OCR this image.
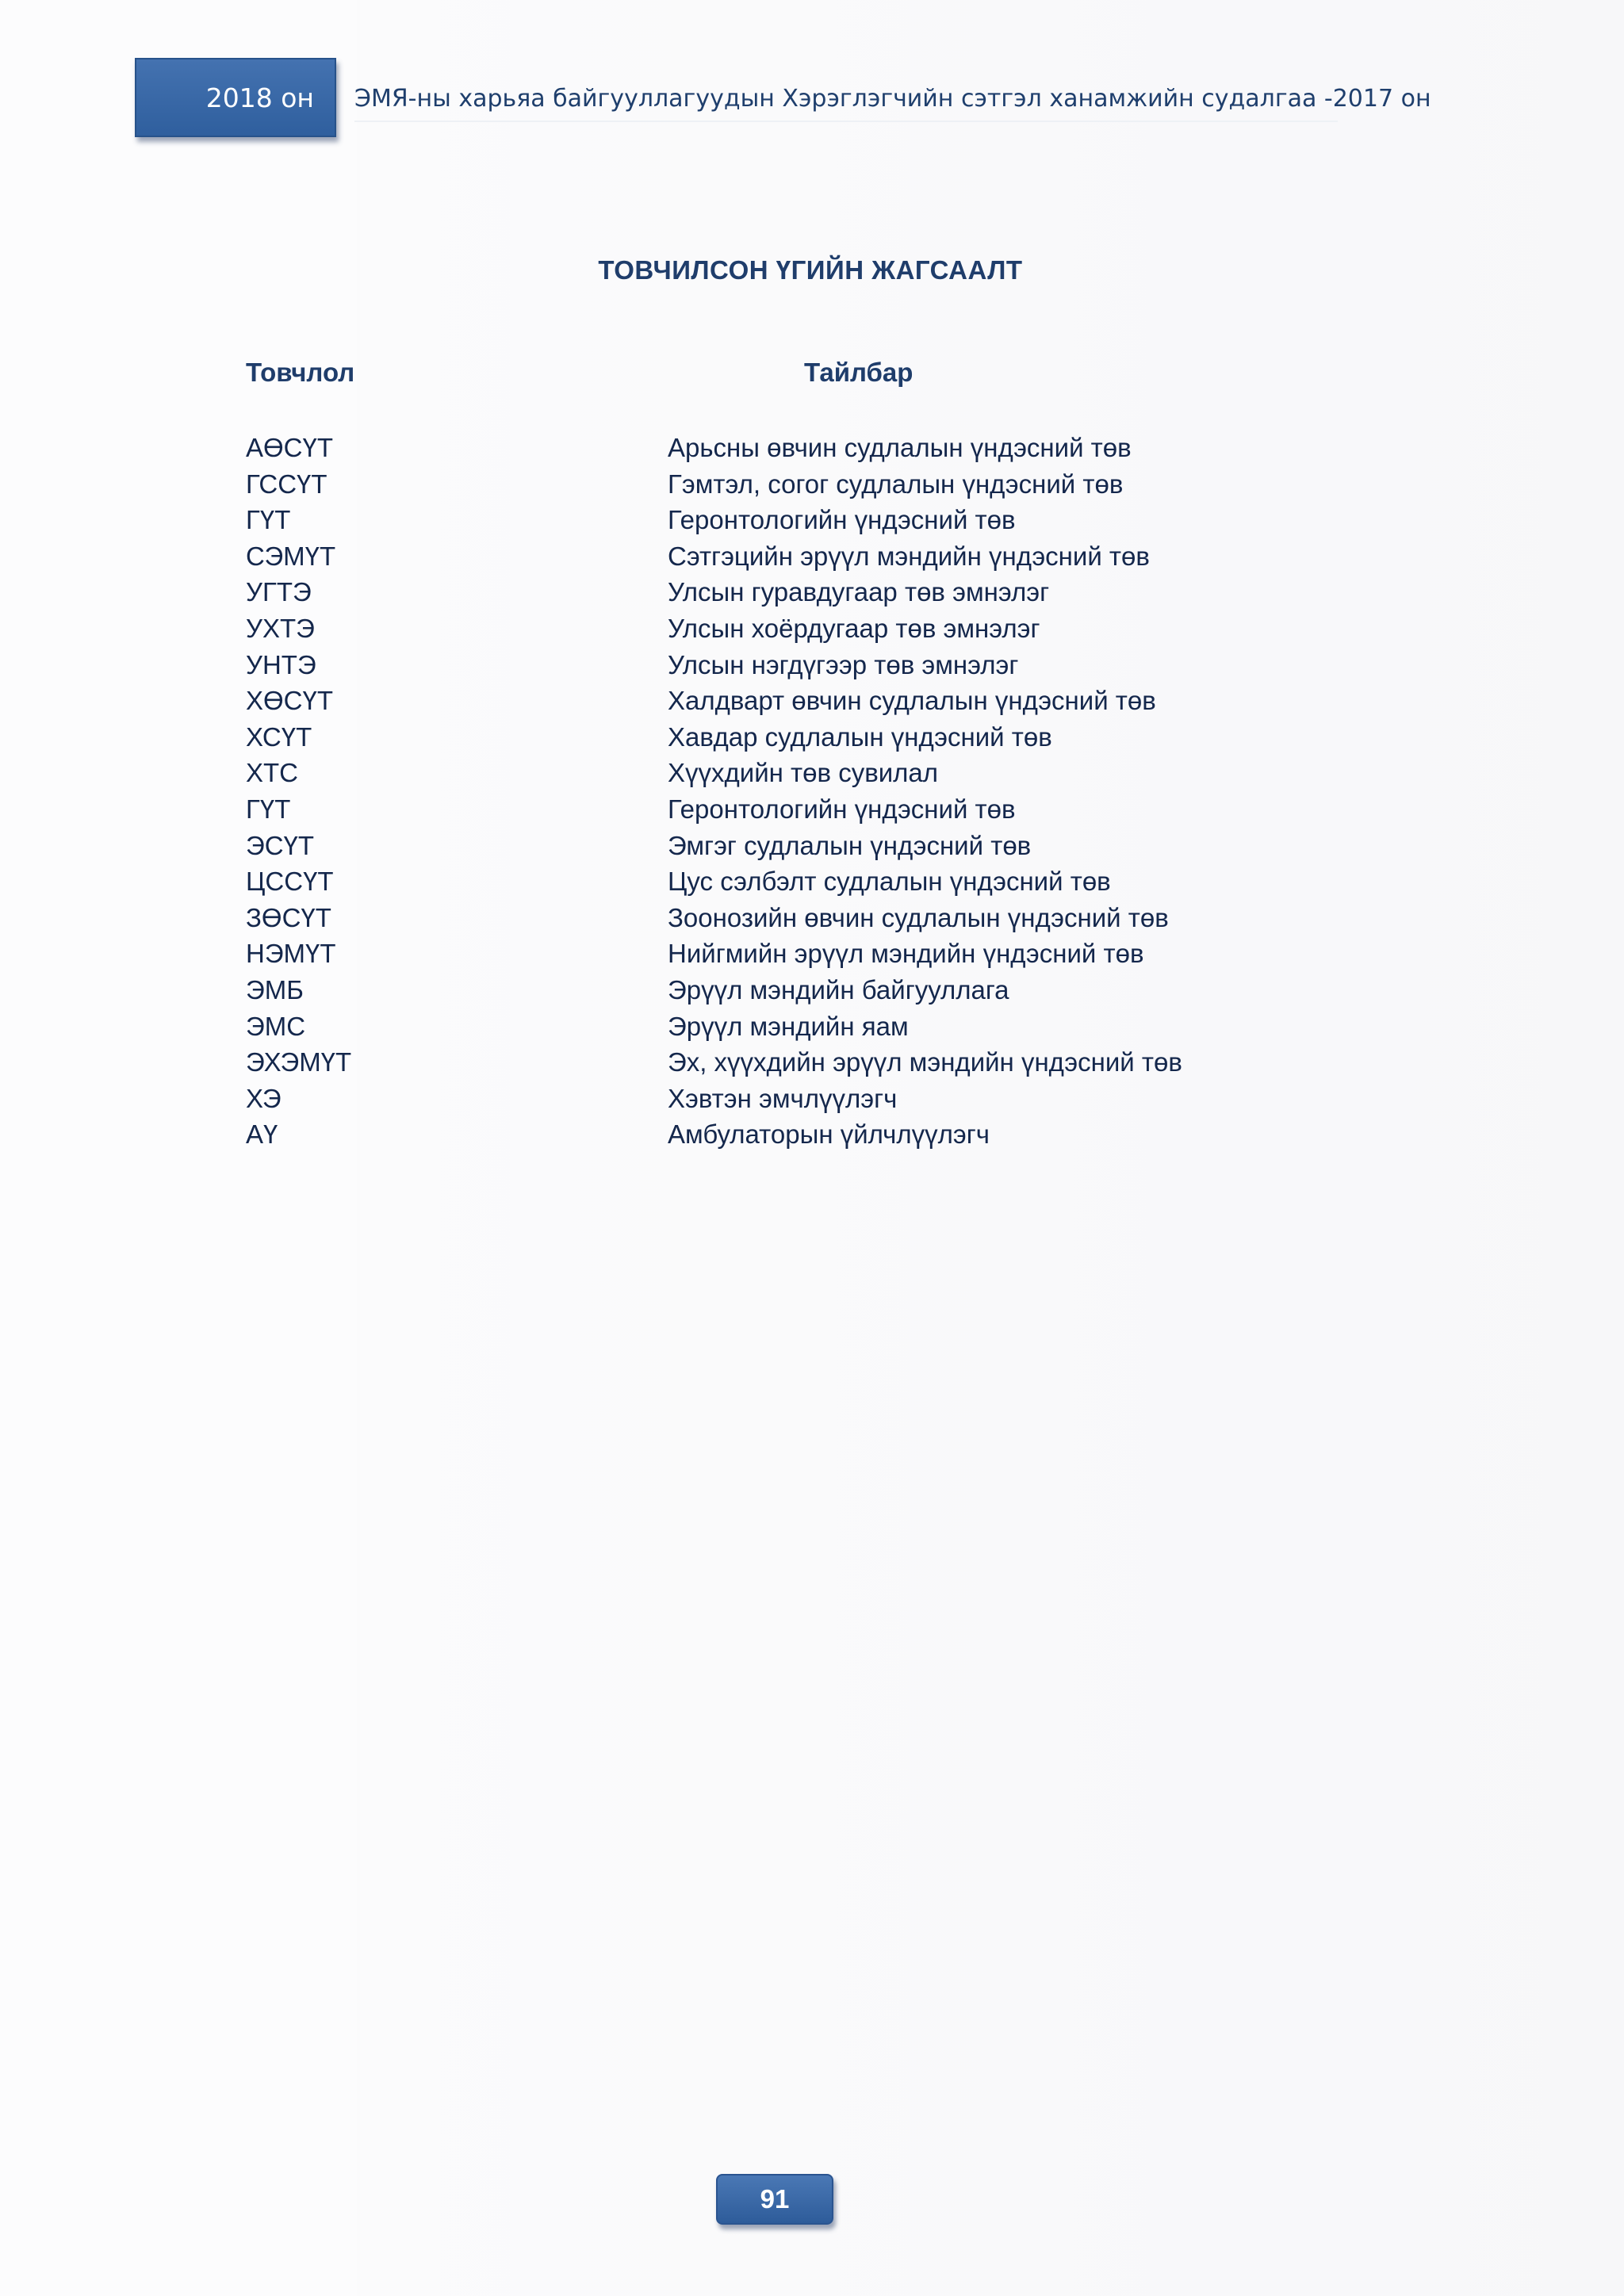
2018 он ЭМЯ-ны харьяа байгууллагуудын Хэрэглэгчийн сэтгэл ханамжийн судалгаа -2017 он
ТОВЧИЛСОН ҮГИЙН ЖАГСААЛТ
Товчлол	Тайлбар
АӨСҮТ	Арьсны өвчин судлалын үндэсний төв
ГССҮТ	Гэмтэл, согог судлалын үндэсний төв
ГҮТ	Геронтологийн үндэсний төв
СЭМҮТ	Сэтгэцийн эрүүл мэндийн үндэсний төв
УГТЭ	Улсын гуравдугаар төв эмнэлэг
УХТЭ	Улсын хоёрдугаар төв эмнэлэг
УНТЭ	Улсын нэгдүгээр төв эмнэлэг
ХӨСҮТ	Халдварт өвчин судлалын үндэсний төв
ХСҮТ	Хавдар судлалын үндэсний төв
ХТС	Хүүхдийн төв сувилал
ГҮТ	Геронтологийн үндэсний төв
ЭСҮТ	Эмгэг судлалын үндэсний төв
ЦССҮТ	Цус сэлбэлт судлалын үндэсний төв
ЗӨСҮТ	Зоонозийн өвчин судлалын үндэсний төв
НЭМҮТ	Нийгмийн эрүүл мэндийн үндэсний төв
ЭМБ	Эрүүл мэндийн байгууллага
ЭМС	Эрүүл мэндийн яам
ЭХЭМҮТ	Эх, хүүхдийн эрүүл мэндийн үндэсний төв
ХЭ	Хэвтэн эмчлүүлэгч
АҮ	Амбулаторын үйлчлүүлэгч
91
